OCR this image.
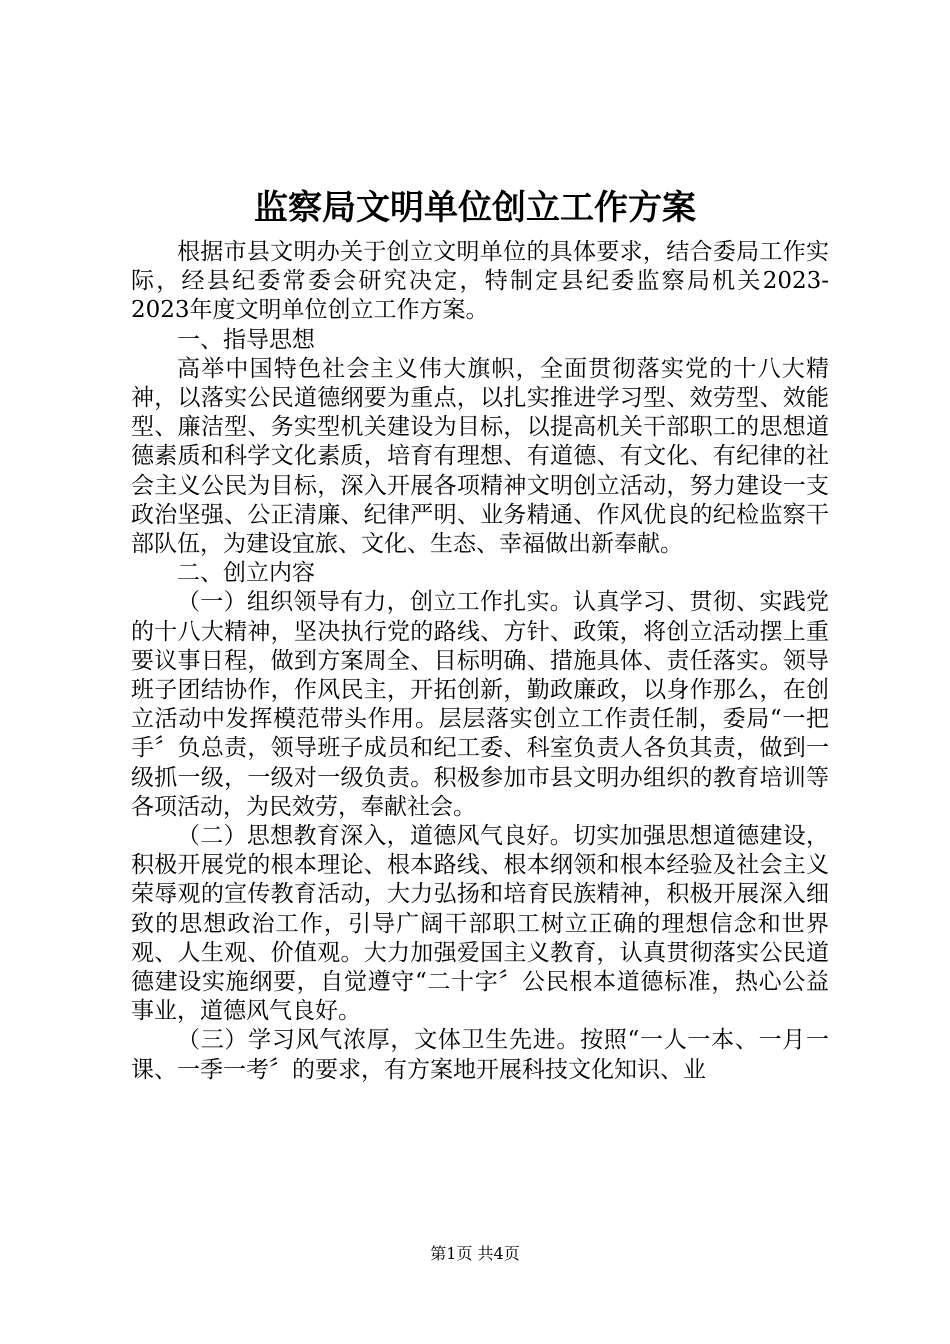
监察局文明单位创立工作方案

根据市县文明办关于创立文明单位的具体要求，结合委局工作实际，经县纪委常委会研究决定，特制定县纪委监察局机关2023-2023年度文明单位创立工作方案。

一、指导思想

高举中国特色社会主义伟大旗帜，全面贯彻落实党的十八大精神，以落实公民道德纲要为重点，以扎实推进学习型、效劳型、效能型、廉洁型、务实型机关建设为目标，以提高机关干部职工的思想道德素质和科学文化素质，培育有理想、有道德、有文化、有纪律的社会主义公民为目标，深入开展各项精神文明创立活动，努力建设一支政治坚强、公正清廉、纪律严明、业务精通、作风优良的纪检监察干部队伍，为建设宜旅、文化、生态、幸福做出新奉献。

二、创立内容

（一）组织领导有力，创立工作扎实。认真学习、贯彻、实践党的十八大精神，坚决执行党的路线、方针、政策，将创立活动摆上重要议事日程，做到方案周全、目标明确、措施具体、责任落实。领导班子团结协作，作风民主，开拓创新，勤政廉政，以身作那么，在创立活动中发挥模范带头作用。层层落实创立工作责任制，委局“一把手〞负总责，领导班子成员和纪工委、科室负责人各负其责，做到一级抓一级，一级对一级负责。积极参加市县文明办组织的教育培训等各项活动，为民效劳，奉献社会。

（二）思想教育深入，道德风气良好。切实加强思想道德建设，积极开展党的根本理论、根本路线、根本纲领和根本经验及社会主义荣辱观的宣传教育活动，大力弘扬和培育民族精神，积极开展深入细致的思想政治工作，引导广阔干部职工树立正确的理想信念和世界观、人生观、价值观。大力加强爱国主义教育，认真贯彻落实公民道德建设实施纲要，自觉遵守“二十字〞公民根本道德标准，热心公益事业，道德风气良好。

（三）学习风气浓厚，文体卫生先进。按照“一人一本、一月一课、一季一考〞的要求，有方案地开展科技文化知识、业

第1页 共4页
